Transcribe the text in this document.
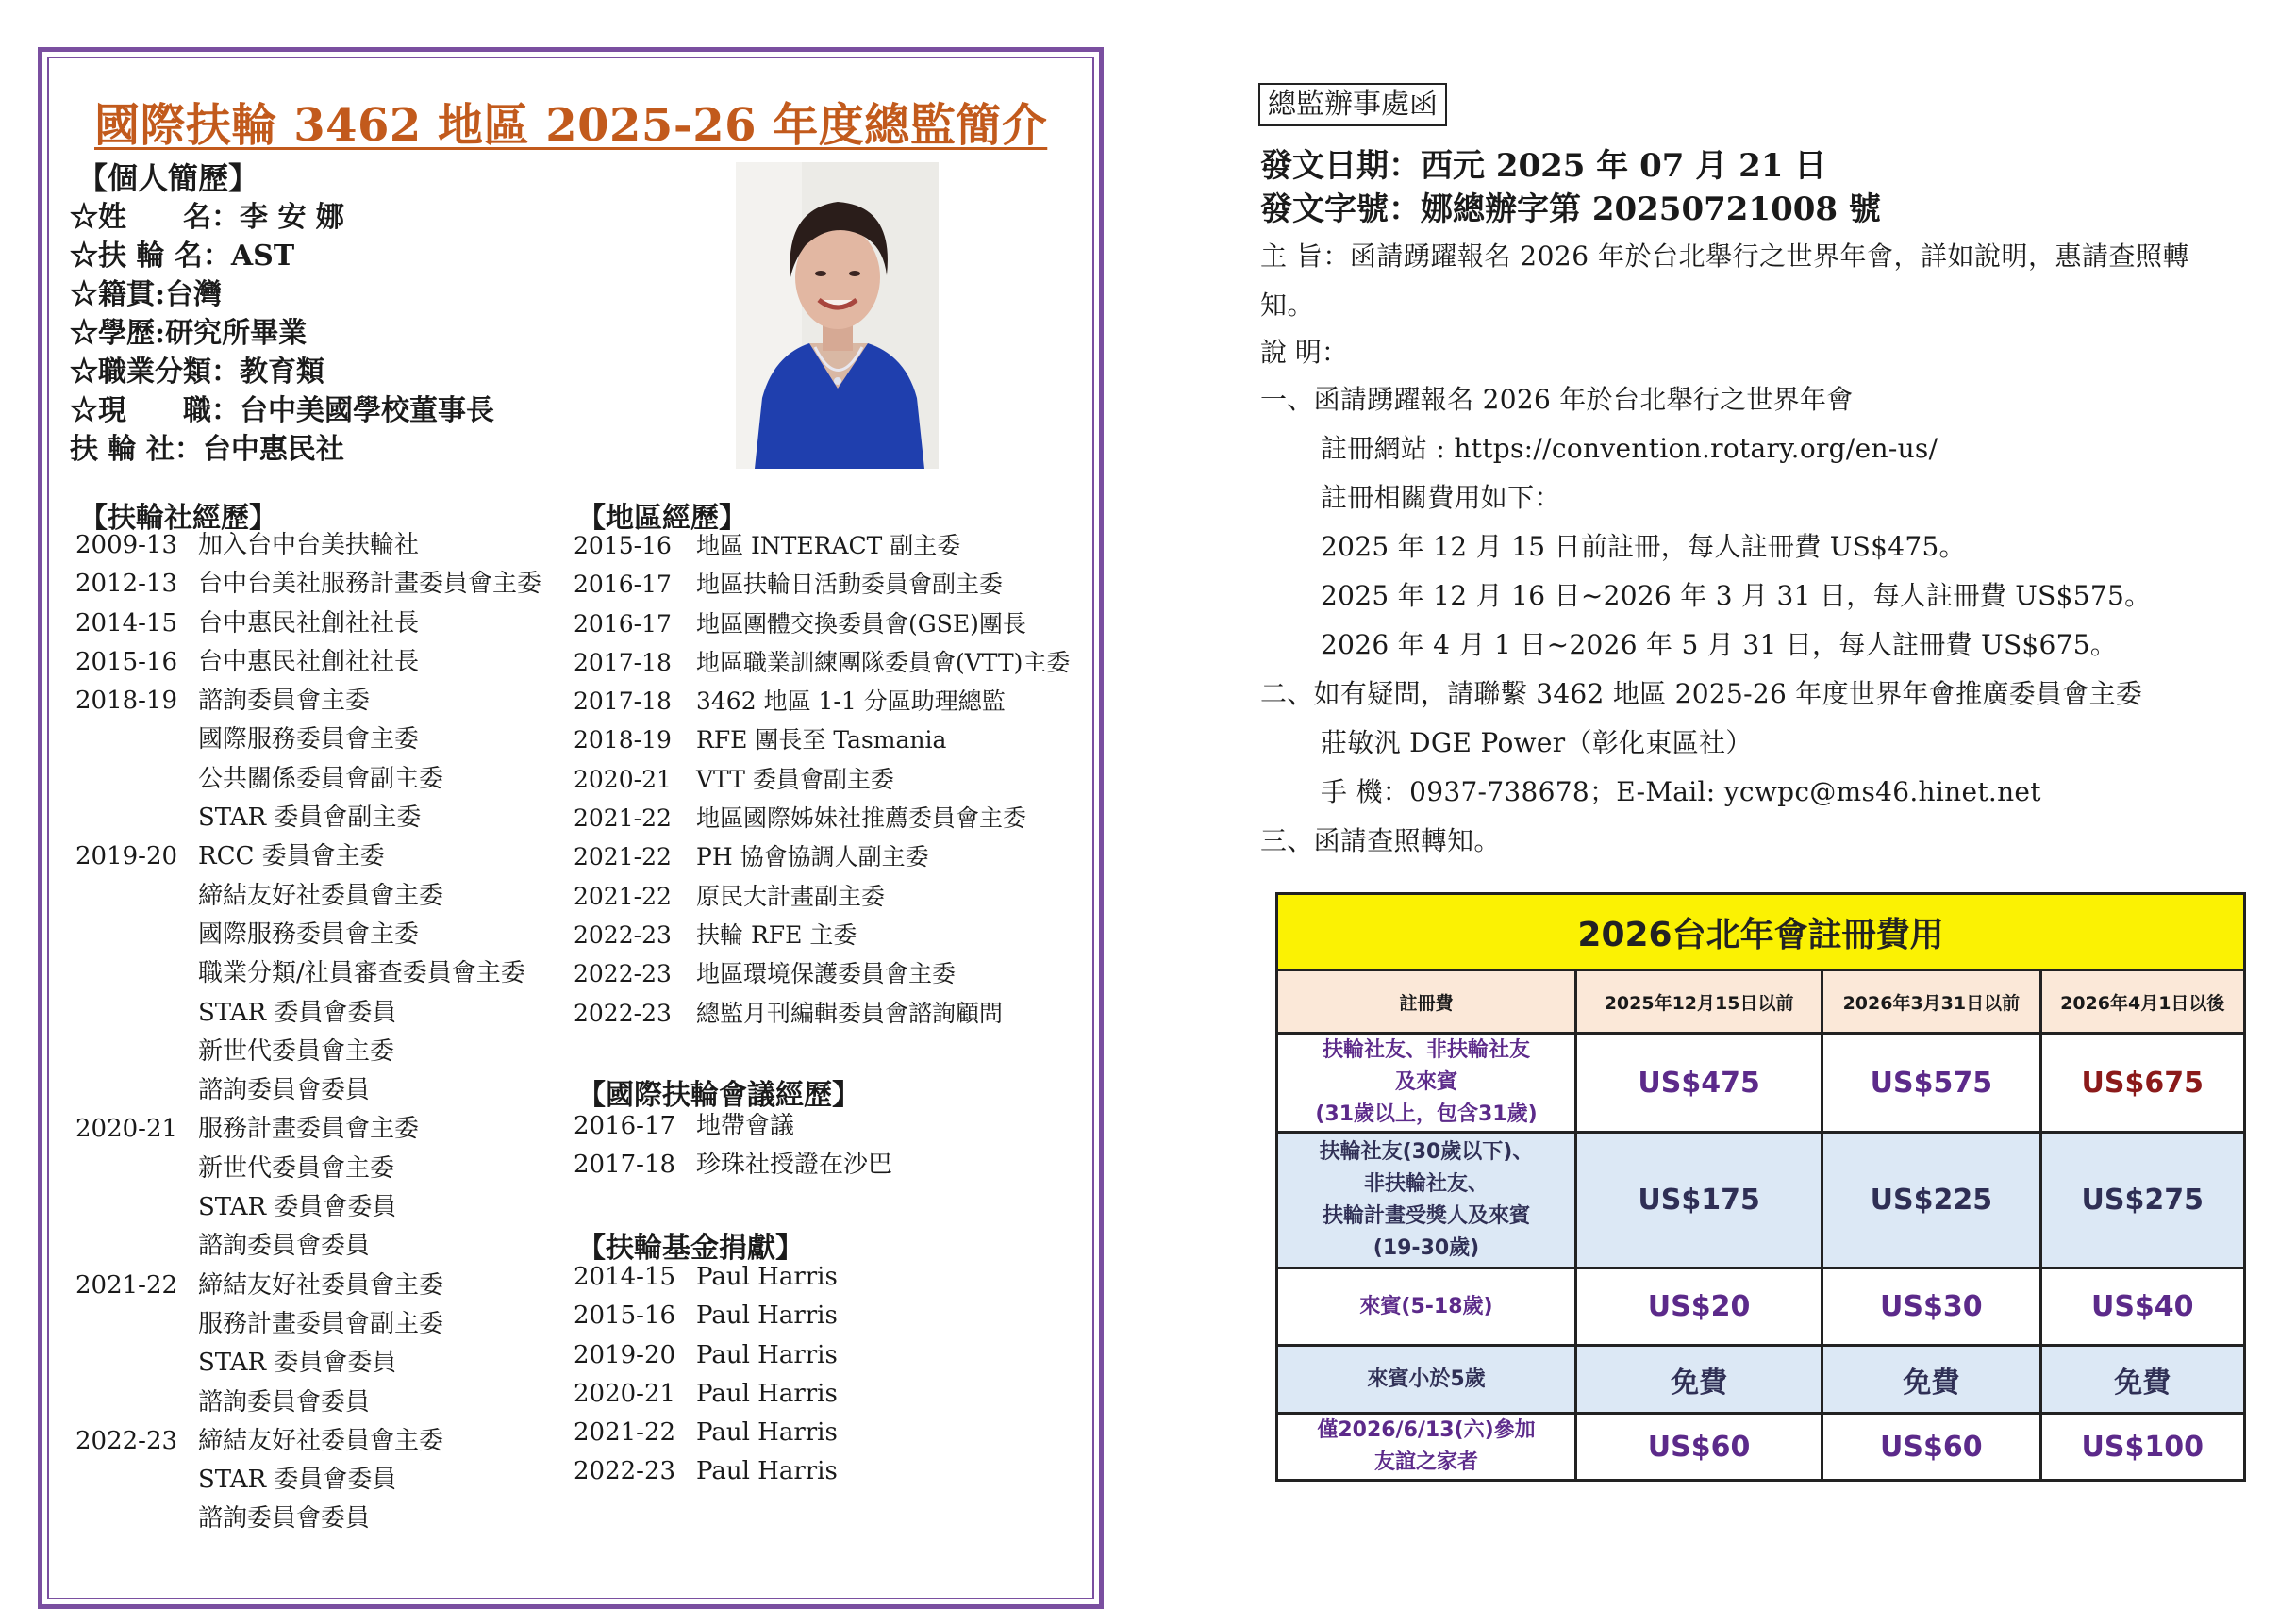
國際扶輪 3462 地區 2025-26 年度總監簡介
【個人簡歷】
☆姓　　名：李 安 娜
☆扶 輪 名：AST
☆籍貫:台灣
☆學歷:研究所畢業
☆職業分類：教育類
☆現　　職：台中美國學校董事長
扶 輪 社：台中惠民社
【扶輪社經歷】
2009-13 加入台中台美扶輪社
2012-13 台中台美社服務計畫委員會主委
2014-15 台中惠民社創社社長
2015-16 台中惠民社創社社長
2018-19 諮詢委員會主委
國際服務委員會主委
公共關係委員會副主委
STAR 委員會副主委
2019-20 RCC 委員會主委
締結友好社委員會主委
國際服務委員會主委
職業分類/社員審查委員會主委
STAR 委員會委員
新世代委員會主委
諮詢委員會委員
2020-21 服務計畫委員會主委
新世代委員會主委
STAR 委員會委員
諮詢委員會委員
2021-22 締結友好社委員會主委
服務計畫委員會副主委
STAR 委員會委員
諮詢委員會委員
2022-23 締結友好社委員會主委
STAR 委員會委員
諮詢委員會委員
【地區經歷】
2015-16 地區 INTERACT 副主委
2016-17 地區扶輪日活動委員會副主委
2016-17 地區團體交換委員會(GSE)團長
2017-18 地區職業訓練團隊委員會(VTT)主委
2017-18 3462 地區 1-1 分區助理總監
2018-19 RFE 團長至 Tasmania
2020-21 VTT 委員會副主委
2021-22 地區國際姊妹社推薦委員會主委
2021-22 PH 協會協調人副主委
2021-22 原民大計畫副主委
2022-23 扶輪 RFE 主委
2022-23 地區環境保護委員會主委
2022-23 總監月刊編輯委員會諮詢顧問
【國際扶輪會議經歷】
2016-17 地帶會議
2017-18 珍珠社授證在沙巴
【扶輪基金捐獻】
2014-15 Paul Harris
2015-16 Paul Harris
2019-20 Paul Harris
2020-21 Paul Harris
2021-22 Paul Harris
2022-23 Paul Harris
總監辦事處函
發文日期：西元 2025 年 07 月 21 日
發文字號：娜總辦字第 20250721008 號
主 旨：函請踴躍報名 2026 年於台北舉行之世界年會，詳如說明，惠請查照轉知。
說 明：
一、函請踴躍報名 2026 年於台北舉行之世界年會
註冊網站 : https://convention.rotary.org/en-us/
註冊相關費用如下：
2025 年 12 月 15 日前註冊，每人註冊費 US$475。
2025 年 12 月 16 日~2026 年 3 月 31 日，每人註冊費 US$575。
2026 年 4 月 1 日~2026 年 5 月 31 日，每人註冊費 US$675。
二、如有疑問，請聯繫 3462 地區 2025-26 年度世界年會推廣委員會主委
莊敏汎 DGE Power（彰化東區社）
手 機：0937-738678；E-Mail: ycwpc@ms46.hinet.net
三、函請查照轉知。
2026台北年會註冊費用			
註冊費	2025年12月15日以前	2026年3月31日以前	2026年4月1日以後

扶輪社友、非扶輪社友
及來賓
(31歲以上，包含31歲)	US$475	US$575	US$675

扶輪社友(30歲以下)、
非扶輪社友、
扶輪計畫受獎人及來賓
(19-30歲)	US$175	US$225	US$275

來賓(5-18歲)	US$20	US$30	US$40

來賓小於5歲	免費	免費	免費

僅2026/6/13(六)參加
友誼之家者	US$60	US$60	US$100
